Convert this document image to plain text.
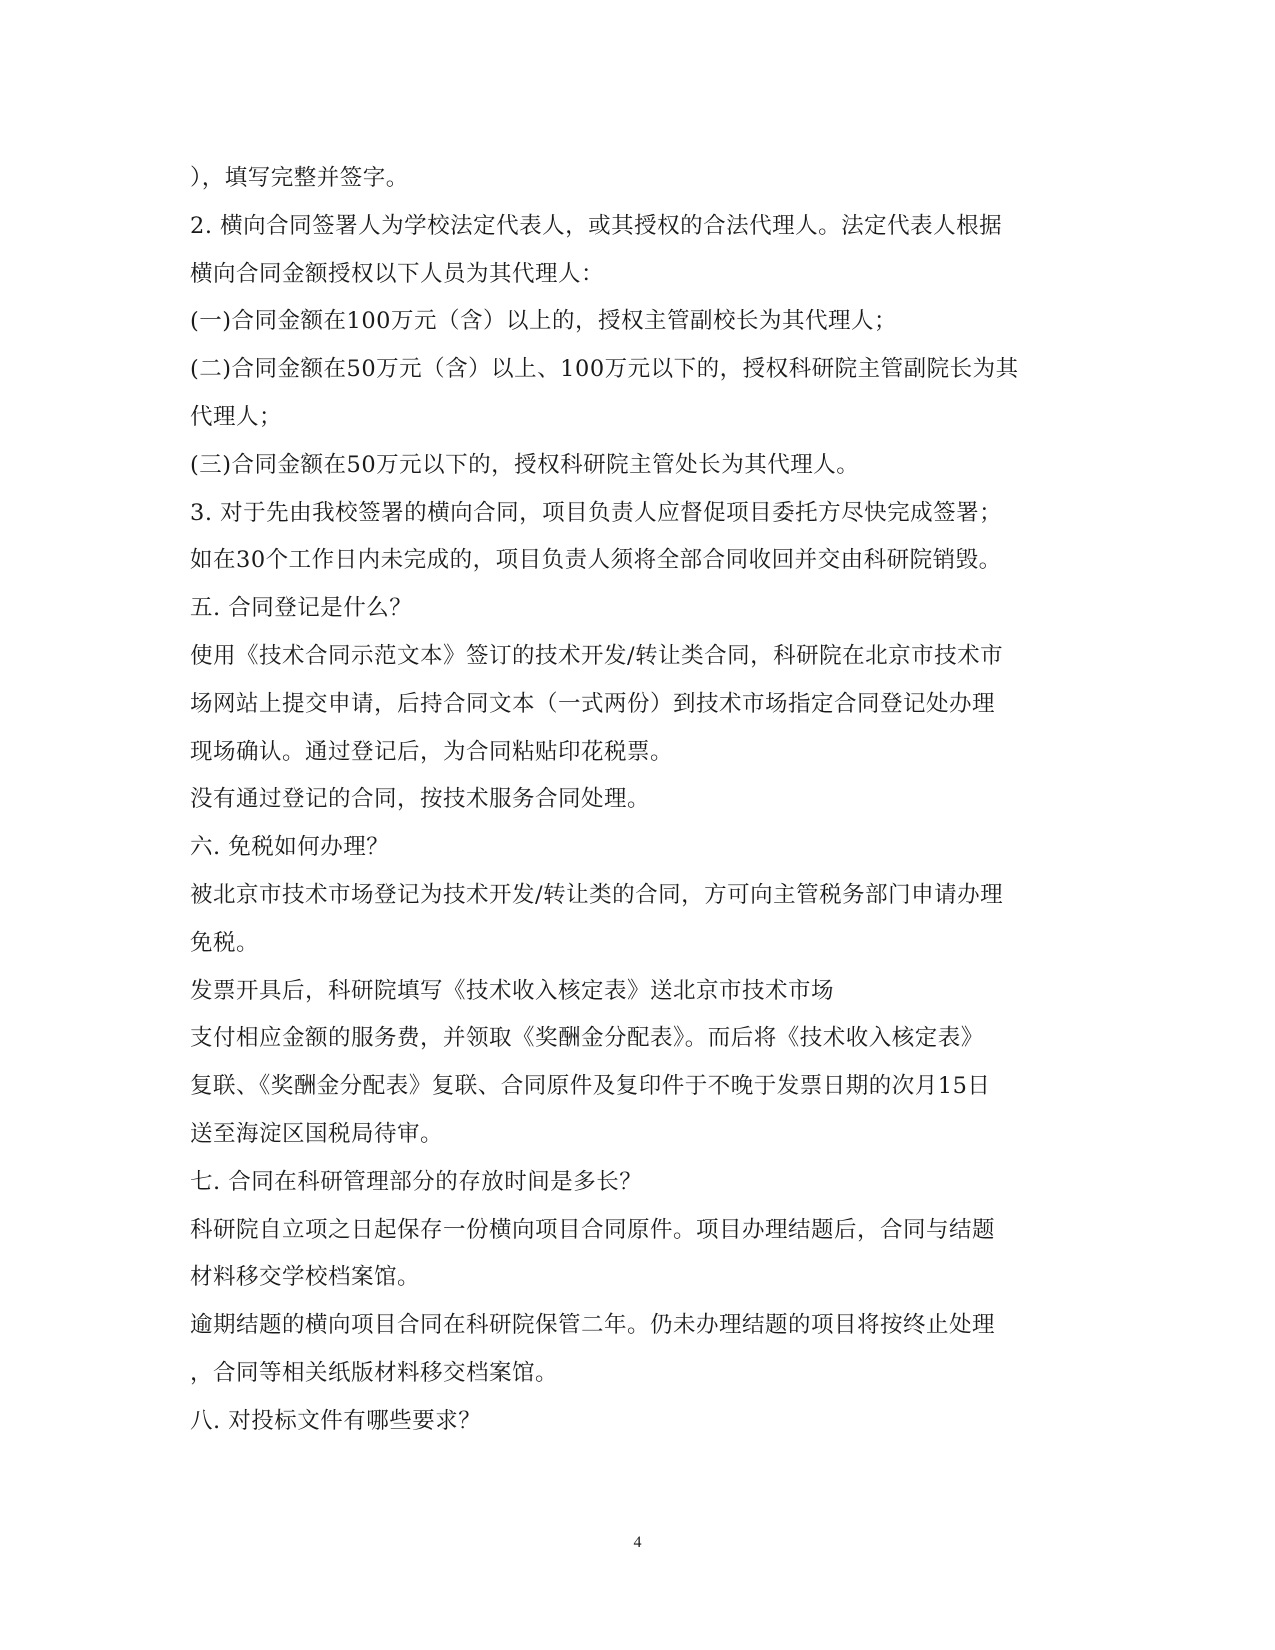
），填写完整并签字。
2. 横向合同签署人为学校法定代表人，或其授权的合法代理人。法定代表人根据
横向合同金额授权以下人员为其代理人：
(一)合同金额在100万元（含）以上的，授权主管副校长为其代理人；
(二)合同金额在50万元（含）以上、100万元以下的，授权科研院主管副院长为其
代理人；
(三)合同金额在50万元以下的，授权科研院主管处长为其代理人。
3. 对于先由我校签署的横向合同，项目负责人应督促项目委托方尽快完成签署；
如在30个工作日内未完成的，项目负责人须将全部合同收回并交由科研院销毁。
五. 合同登记是什么？
使用《技术合同示范文本》签订的技术开发/转让类合同，科研院在北京市技术市
场网站上提交申请，后持合同文本（一式两份）到技术市场指定合同登记处办理
现场确认。通过登记后，为合同粘贴印花税票。
没有通过登记的合同，按技术服务合同处理。
六. 免税如何办理？
被北京市技术市场登记为技术开发/转让类的合同，方可向主管税务部门申请办理
免税。
发票开具后，科研院填写《技术收入核定表》送北京市技术市场
支付相应金额的服务费，并领取《奖酬金分配表》。而后将《技术收入核定表》
复联、《奖酬金分配表》复联、合同原件及复印件于不晚于发票日期的次月15日
送至海淀区国税局待审。
七. 合同在科研管理部分的存放时间是多长？
科研院自立项之日起保存一份横向项目合同原件。项目办理结题后，合同与结题
材料移交学校档案馆。
逾期结题的横向项目合同在科研院保管二年。仍未办理结题的项目将按终止处理
，合同等相关纸版材料移交档案馆。
八. 对投标文件有哪些要求？
4
